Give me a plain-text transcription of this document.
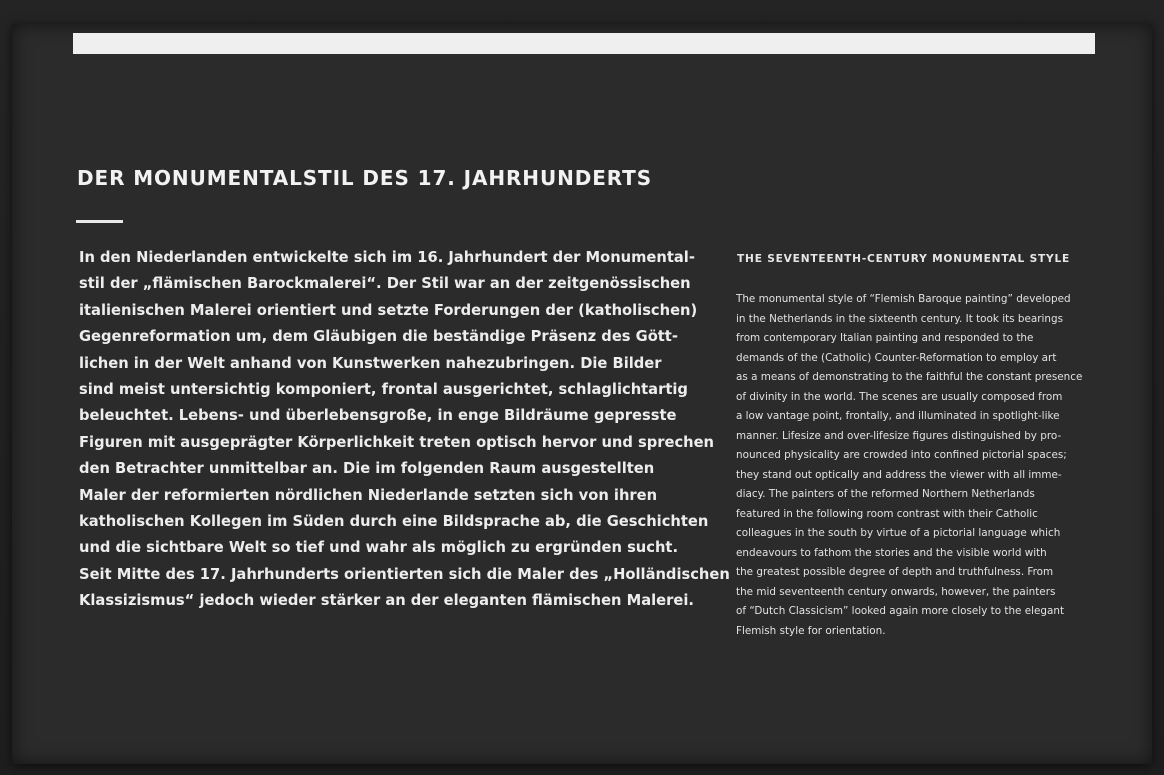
DER MONUMENTALSTIL DES 17. JAHRHUNDERTS
In den Niederlanden entwickelte sich im 16. Jahrhundert der Monumental-
stil der „flämischen Barockmalerei“. Der Stil war an der zeitgenössischen
italienischen Malerei orientiert und setzte Forderungen der (katholischen)
Gegenreformation um, dem Gläubigen die beständige Präsenz des Gött-
lichen in der Welt anhand von Kunstwerken nahezubringen. Die Bilder
sind meist untersichtig komponiert, frontal ausgerichtet, schlaglichtartig
beleuchtet. Lebens- und überlebensgroße, in enge Bildräume gepresste
Figuren mit ausgeprägter Körperlichkeit treten optisch hervor und sprechen
den Betrachter unmittelbar an. Die im folgenden Raum ausgestellten
Maler der reformierten nördlichen Niederlande setzten sich von ihren
katholischen Kollegen im Süden durch eine Bildsprache ab, die Geschichten
und die sichtbare Welt so tief und wahr als möglich zu ergründen sucht.
Seit Mitte des 17. Jahrhunderts orientierten sich die Maler des „Holländischen
Klassizismus“ jedoch wieder stärker an der eleganten flämischen Malerei.
THE SEVENTEENTH-CENTURY MONUMENTAL STYLE
The monumental style of “Flemish Baroque painting” developed
in the Netherlands in the sixteenth century. It took its bearings
from contemporary Italian painting and responded to the
demands of the (Catholic) Counter-Reformation to employ art
as a means of demonstrating to the faithful the constant presence
of divinity in the world. The scenes are usually composed from
a low vantage point, frontally, and illuminated in spotlight-like
manner. Lifesize and over-lifesize figures distinguished by pro-
nounced physicality are crowded into confined pictorial spaces;
they stand out optically and address the viewer with all imme-
diacy. The painters of the reformed Northern Netherlands
featured in the following room contrast with their Catholic
colleagues in the south by virtue of a pictorial language which
endeavours to fathom the stories and the visible world with
the greatest possible degree of depth and truthfulness. From
the mid seventeenth century onwards, however, the painters
of “Dutch Classicism” looked again more closely to the elegant
Flemish style for orientation.
